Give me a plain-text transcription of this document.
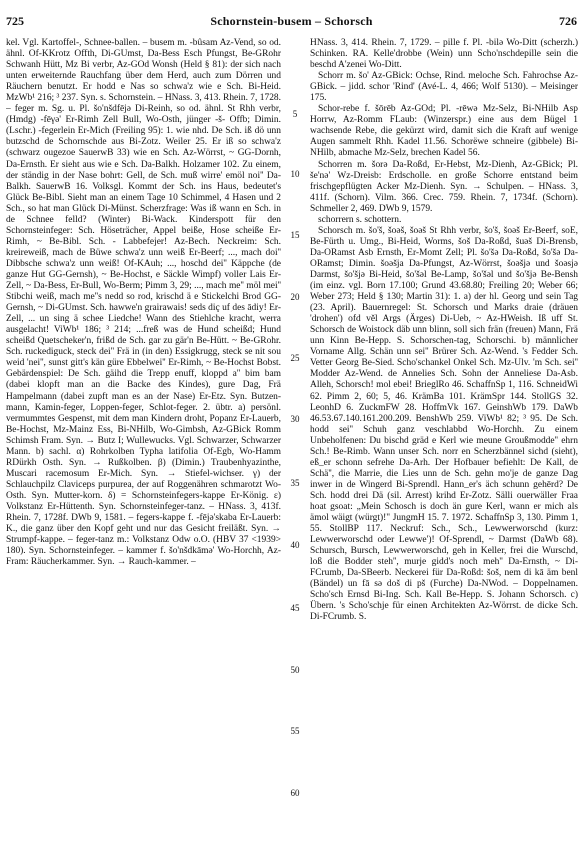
725	Schornstein-busem – Schorsch	726

kel. Vgl. Kartoffel-, Schnee-ballen. – busem m. -bûsam Az-Vend, so od. ähnl. Of-KKrotz Offth, Di-GUmst, Da-Bess Esch Pfungst, Be-GRohr Schwanh Hütt, Mz Bi verbr, Az-GOd Wonsh (Held § 81): der sich nach unten erweiternde Rauchfang über dem Herd, auch zum Dörren und Räuchern benutzt. Er hodd e Nas so schwa'z wie e Sch. Bi-Heid. MzWb¹ 216; ³ 237. Syn. s. Schornstein. – HNass. 3, 413. Rhein. 7, 1728. – feger m. Sg. u. Pl. šo'nšdfējə Di-Reinh, so od. ähnl. St Rhh verbr, (Hmdg) -fēγə' Er-Rimh Zell Bull, Wo-Osth, jünger -š- Offb; Dimin. (Lschr.) -fegerlein Er-Mich (Freiling 95): 1. wie nhd. De Sch. iß dö unn butzschd de Schornschde aus Bi-Zotz. Weiler 25. Er iß so schwa'z (schwarz ougezoe SauerwB 33) wie en Sch. Az-Wörrst, ~ GG-Dornh, Da-Ernsth. Er sieht aus wie e Sch. Da-Balkh. Holzamer 102. Zu einem, der ständig in der Nase bohrt: Gell, de Sch. muß wirre' emöl noi'' Da-Balkh. SauerwB 16. Volksgl. Kommt der Sch. ins Haus, bedeutet's Glück Be-Bibl. Sieht man an einem Tage 10 Schimmel, 4 Hasen und 2 Sch., so hat man Glück Di-Münst. Scherzfrage: Was iß wann en Sch. in de Schnee felld? (Winter) Bi-Wack. Kinderspott für den Schornsteinfeger: Sch. Höseträcher, Appel beiße, Hose scheiße Er-Rimh, ~ Be-Bibl. Sch. - Labbefejer! Az-Bech. Neckreim: Sch. kreireweiß, mach de Büwe schwa'z unn weiß Er-Beerf; ..., mach doi'' Dibbsche schwa'z unn weiß! Of-KAuh; ..., hoschd dei'' Käppche (de ganze Hut GG-Gernsh), ~ Be-Hochst, e Säckle Wimpf) voller Lais Er-Zell, ~ Da-Bess, Er-Bull, Wo-Berm; Pimm 3, 29; ..., mach me'' möl mei'' Stibchi weiß, mach me''s nedd so rod, krischd ä e Stickelchi Brod GG-Gernsh, ~ Di-GUmst. Sch. hawwe'n grairawais! seds diç uf des ādiy! Er-Zell, ... un sing ä schee Liedche! Wann des Stiehlche kracht, werra ausgelacht! ViWb¹ 186; ³ 214; ...freß was de Hund scheißd; Hund scheißd Quetscheker'n, frißd de Sch. gar zu gär'n Be-Hütt. ~ Be-GRohr. Sch. ruckediguck, steck dei'' Frä in (in den) Essigkrugg, steck se nit sou weid 'nei'', sunst gitt's kän güre Ebbelwei'' Er-Rimh, ~ Be-Hochst Bobst. Gebärdenspiel: De Sch. gäihd die Trepp enuff, kloppd a'' bim bam (dabei klopft man an die Backe des Kindes), gure Dag, Frä Hampelmann (dabei zupft man es an der Nase) Er-Etz. Syn. Butzen-mann, Kamin-feger, Loppen-feger, Schlot-feger. 2. übtr. a) persönl. vermummtes Gespenst, mit dem man Kindern droht, Popanz Er-Lauerb, Be-Hochst, Mz-Mainz Ess, Bi-NHilb, Wo-Gimbsh, Az-GBick Romm Schimsh Fram. Syn. → Butz I; Wullewucks. Vgl. Schwarzer, Schwarzer Mann. b) sachl. α) Rohrkolben Typha latifolia Of-Egb, Wo-Hamm RDürkh Osth. Syn. → Rußkolben. β) (Dimin.) Traubenhyazinthe, Muscari racemosum Er-Mich. Syn. → Stiefel-wichser. γ) der Schlauchpilz Claviceps purpurea, der auf Roggenähren schmarotzt Wo-Osth. Syn. Mutter-korn. δ) = Schornsteinfegers-kappe Er-König. ε) Volkstanz Er-Hüttenth. Syn. Schornsteinfeger-tanz. – HNass. 3, 413f. Rhein. 7, 1728f. DWb 9, 1581. – fegers-kappe f. -fējə'skaba Er-Lauerb: K., die ganz über den Kopf geht und nur das Gesicht freiläßt. Syn. → Strumpf-kappe. – feger-tanz m.: Volkstanz Odw o.O. (HBV 37 <1939> 180). Syn. Schornsteinfeger. – kammer f. šo'nšdkāmə' Wo-Horchh, Az-Fram: Räucherkammer. Syn. → Rauch-kammer. –

5
10
15
20
25
30
35
40
45
50
55
60

HNass. 3, 414. Rhein. 7, 1729. – pille f. Pl. -bilə Wo-Ditt (scherzh.) Schinken. RA. Kelle'drobbe (Wein) unn Scho'nschdepille sein die beschd A'zenei Wo-Ditt.

Schorr m. šo' Az-GBick: Ochse, Rind. meloche Sch. Fahrochse Az-GBick. – jidd. schor 'Rind' (Avé-L. 4, 466; Wolf 5130). – Meisinger 175.

Schor-rebe f. šōrēb Az-GOd; Pl. -rēwə Mz-Selz, Bi-NHilb Asp Horrw, Az-Romm FLaub: (Winzerspr.) eine aus dem Bügel 1 wachsende Rebe, die gekürzt wird, damit sich die Kraft auf wenige Augen sammelt Rhh. Kadel 11.56. Schorëwe schneire (gibbele) Bi-NHilb, abmache Mz-Selz, brechen Kadel 56.

Schorren m. šorə Da-Roßd, Er-Hebst, Mz-Dienh, Az-GBick; Pl. še'nə' Wz-Dreisb: Erdscholle. en große Schorre entstand beim frischgepflügten Acker Mz-Dienh. Syn. → Schulpen. – HNass. 3, 411f. (Schorn). Vilm. 366. Crec. 759. Rhein. 7, 1734f. (Schorn). Schmeller 2, 469. DWb 9, 1579.

schorrern s. schottern.

Schorsch m. šo'š, šoəš, šoəš St Rhh verbr, šo'š, šoəš Er-Beerf, soE, Be-Fürth u. Umg., Bi-Heid, Worms, šoš Da-Roßd, šuəš Di-Brensb, Da-ORamst Asb Ernsth, Er-Momt Zell; Pl. šo'šə Da-Roßd, šo'šə Da-ORamst; Dimin. šoəšja Da-Pfungst, Az-Wörrst, šoəšjə und šoəsjə Darmst, šo'šjə Bi-Heid, šo'šəl Be-Lamp, šo'šəl und šo'šjə Be-Bensh (im einz. vgl. Born 17.100; Grund 43.68.80; Freiling 20; Weber 66; Weber 273; Held § 130; Martin 31): 1. a) der hl. Georg und sein Tag (23. April). Bauernregel: St. Schorsch und Marks draie (dräuen 'drohen') ofd věl Args (Ärges) Di-Ueb, ~ Az-HWeish. Iß uff St. Schorsch de Woistock däb unn blinn, soll sich frän (freuen) Mann, Frä unn Kinn Be-Hepp. S. Schorschen-tag, Schorschi. b) männlicher Vorname Allg. Schän unn sei'' Brürer Sch. Az-Wend. 's Fedder Sch. Vetter Georg Be-Sied. Scho'schankel Onkel Sch. Mz-Ulv. 'm Sch. sei'' Modder Az-Wend. de Annelies Sch. Sohn der Anneliese Da-Asb. Alleh, Schorsch! mol ebei! BrieglRo 46. SchaffnSp 1, 116. SchneidWi 62. Pimm 2, 60; 5, 46. KrämBa 101. KrämSpr 144. StollGS 32. LeonhD 6. ZuckmFW 28. HoffmVk 167. GeinshWb 179. DaWb 46.53.67.140.161.200.209. BenshWb 259. ViWb¹ 82; ³ 95. De Sch. hodd sei'' Schuh ganz veschlabbd Wo-Horchh. Zu einem Unbeholfenen: Du bischd gräd e Kerl wie meune Groußmodde'' ehrn Sch.! Be-Rimb. Wann unser Sch. norr en Scherzbännel sichd (sieht), eß_er schonn sefrehe Da-Arh. Der Hofbauer befiehlt: De Kall, de Schä'', die Marrie, die Lies unn de Sch. gehn mo'je de ganze Dag inwer in de Wingerd Bi-Sprendl. Hann_er's äch schunn gehērd? De Sch. hodd drei Dä (sil. Arrest) krihd Er-Zotz. Sälli ouerwäller Fraa hoat gsoat: „Mein Schosch is doch än gure Kerl, wann er mich als ämol wäigt (würgt)!" JungmH 15. 7. 1972. SchaffnSp 3, 130. Pimm 1, 55. StollBP 117. Neckruf: Sch., Sch., Lewwerworschd (kurz: Lewwerworschd oder Lewwe')! Of-Sprendl, ~ Darmst (DaWb 68). Schursch, Bursch, Lewwerworschd, geh in Keller, frei die Wurschd, loß die Bodder steh'', murje gidd's noch meh'' Da-Ernsth, ~ Di-FCrumb, Da-SBeerb. Neckerei für Da-Roßd: šoš, nem di kā äm benl (Bändel) un fā sə doš di pš (Furche) Da-NWod. – Doppelnamen. Scho'sch Ernsd Bi-Ing. Sch. Kall Be-Hepp. S. Johann Schorsch. c) Übern. 's Scho'schje für einen Architekten Az-Wörrst. de dicke Sch. Di-FCrumb. S.
